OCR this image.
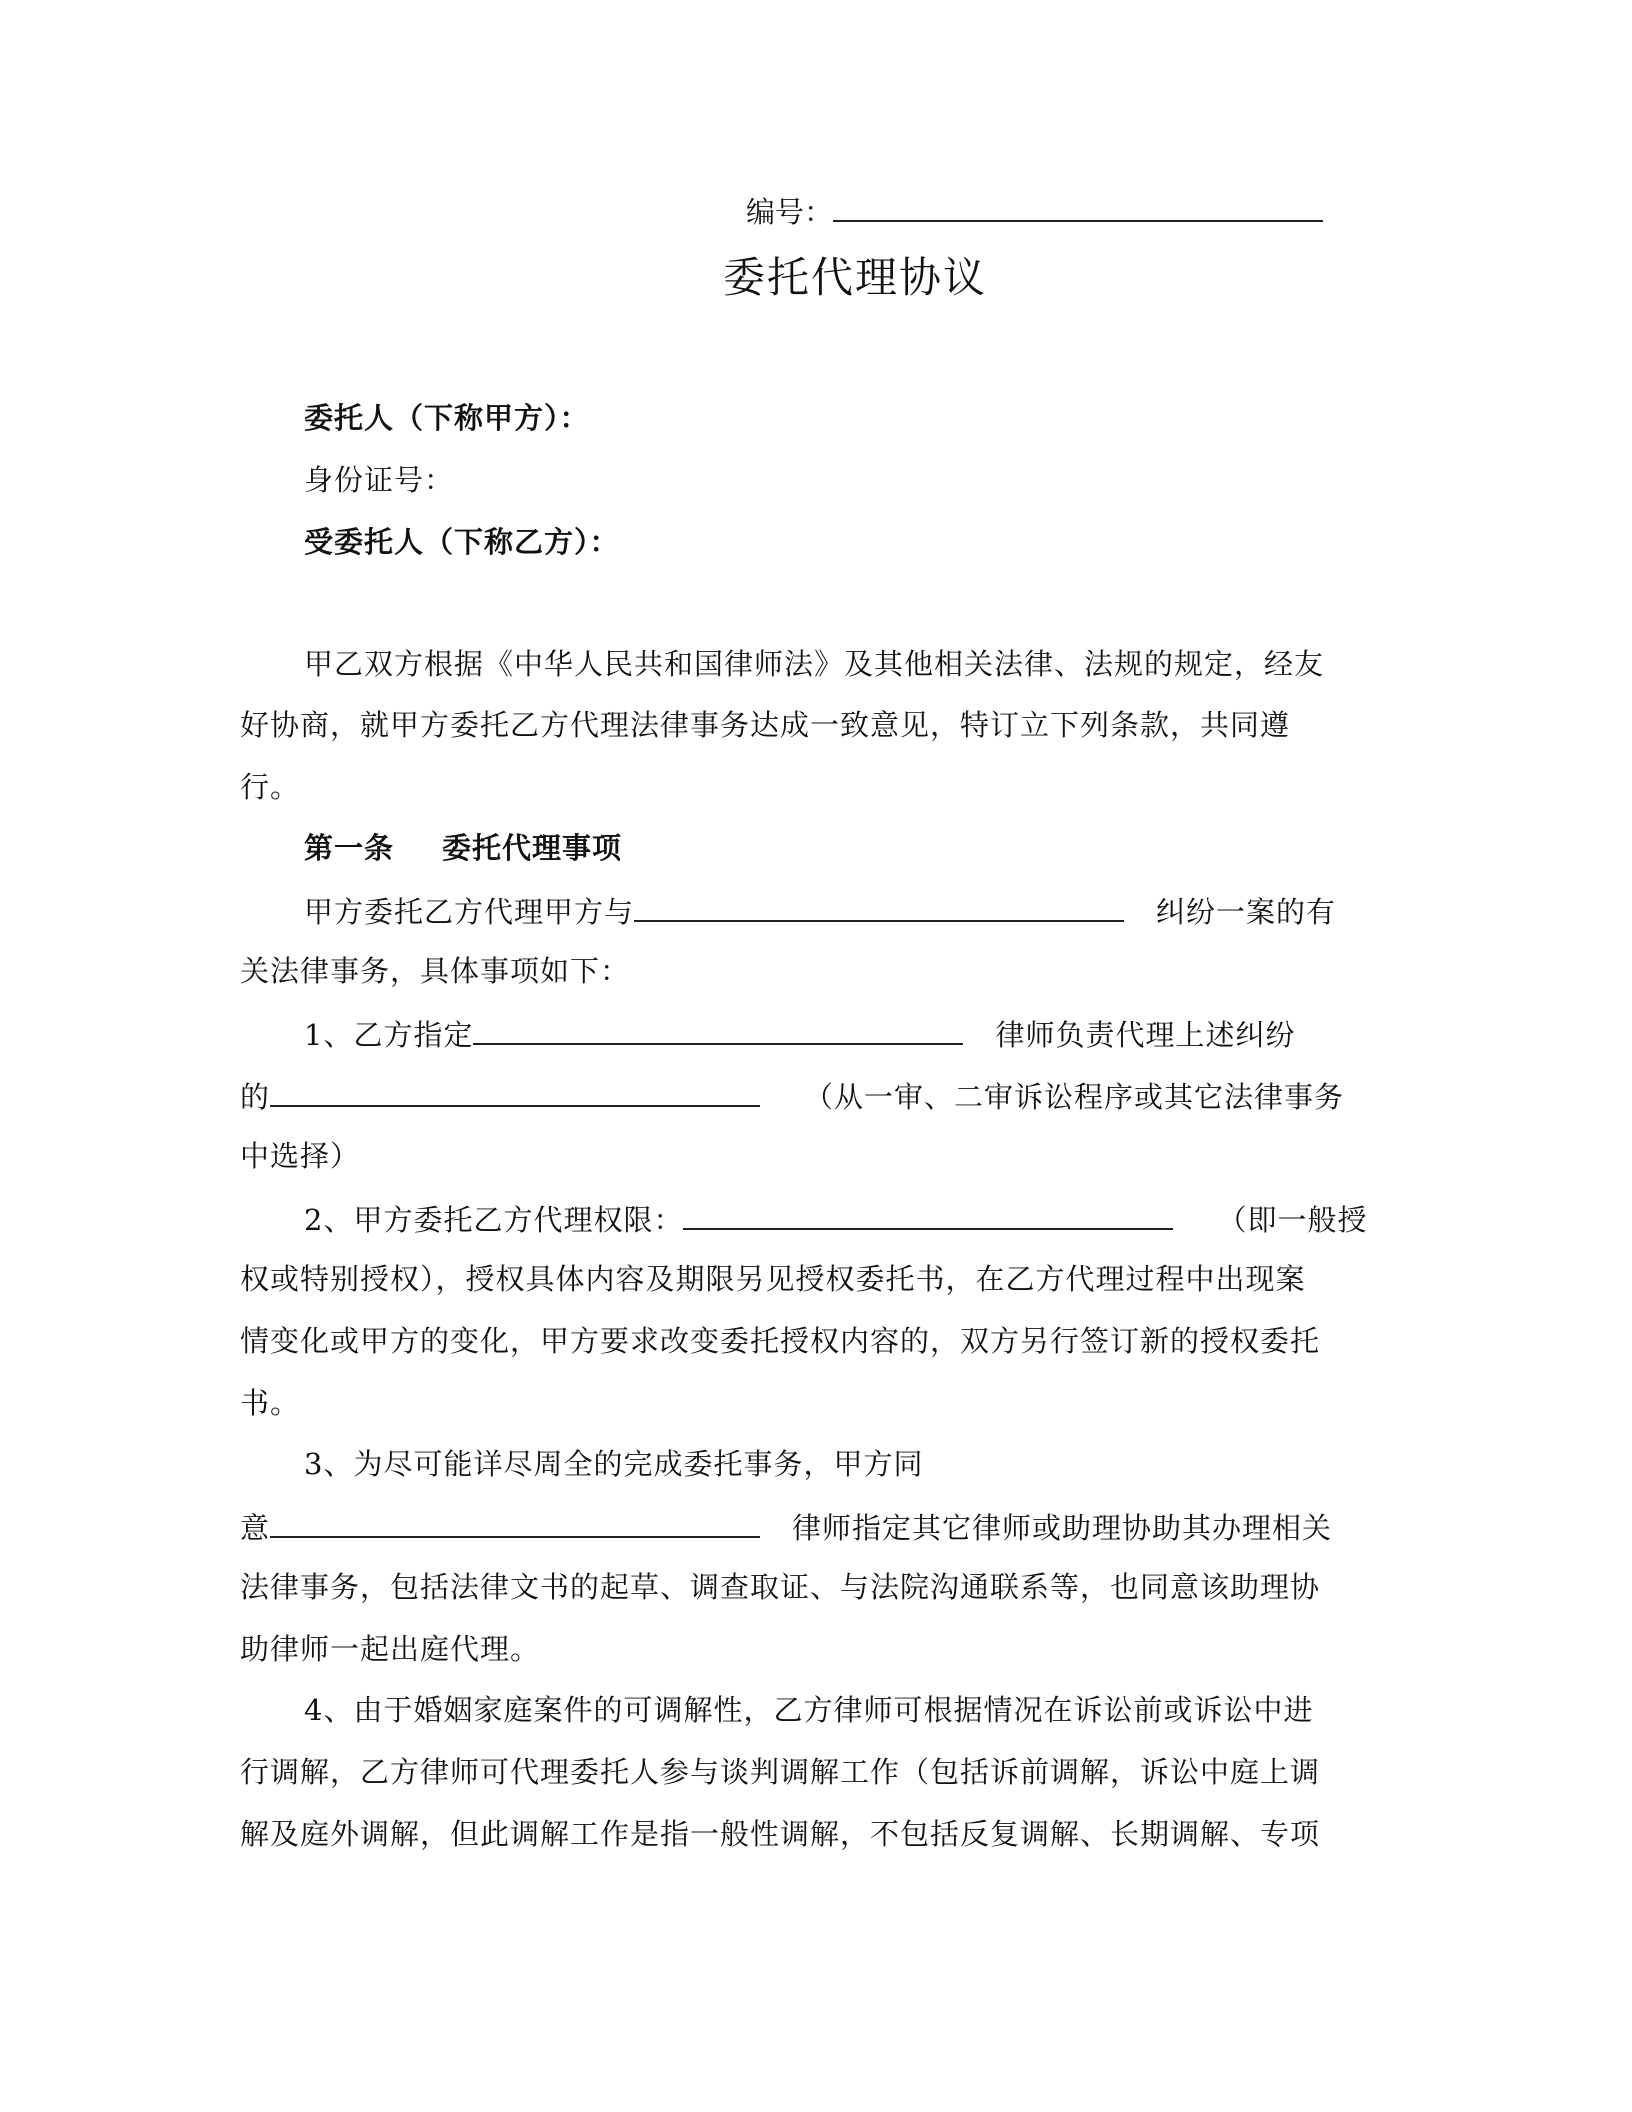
编号：
委托代理协议
委托人（下称甲方）：
身份证号：
受委托人（下称乙方）：
甲乙双方根据《中华人民共和国律师法》及其他相关法律、法规的规定，经友
好协商，就甲方委托乙方代理法律事务达成一致意见，特订立下列条款，共同遵
行。
第一条 委托代理事项
甲方委托乙方代理甲方与	纠纷一案的有
关法律事务，具体事项如下：
1、乙方指定	律师负责代理上述纠纷
的	（从一审、二审诉讼程序或其它法律事务
中选择）
2、甲方委托乙方代理权限：	（即一般授
权或特别授权），授权具体内容及期限另见授权委托书，在乙方代理过程中出现案
情变化或甲方的变化，甲方要求改变委托授权内容的，双方另行签订新的授权委托
书。
3、为尽可能详尽周全的完成委托事务，甲方同
意	律师指定其它律师或助理协助其办理相关
法律事务，包括法律文书的起草、调查取证、与法院沟通联系等，也同意该助理协
助律师一起出庭代理。
4、由于婚姻家庭案件的可调解性，乙方律师可根据情况在诉讼前或诉讼中进
行调解，乙方律师可代理委托人参与谈判调解工作（包括诉前调解，诉讼中庭上调
解及庭外调解，但此调解工作是指一般性调解，不包括反复调解、长期调解、专项
